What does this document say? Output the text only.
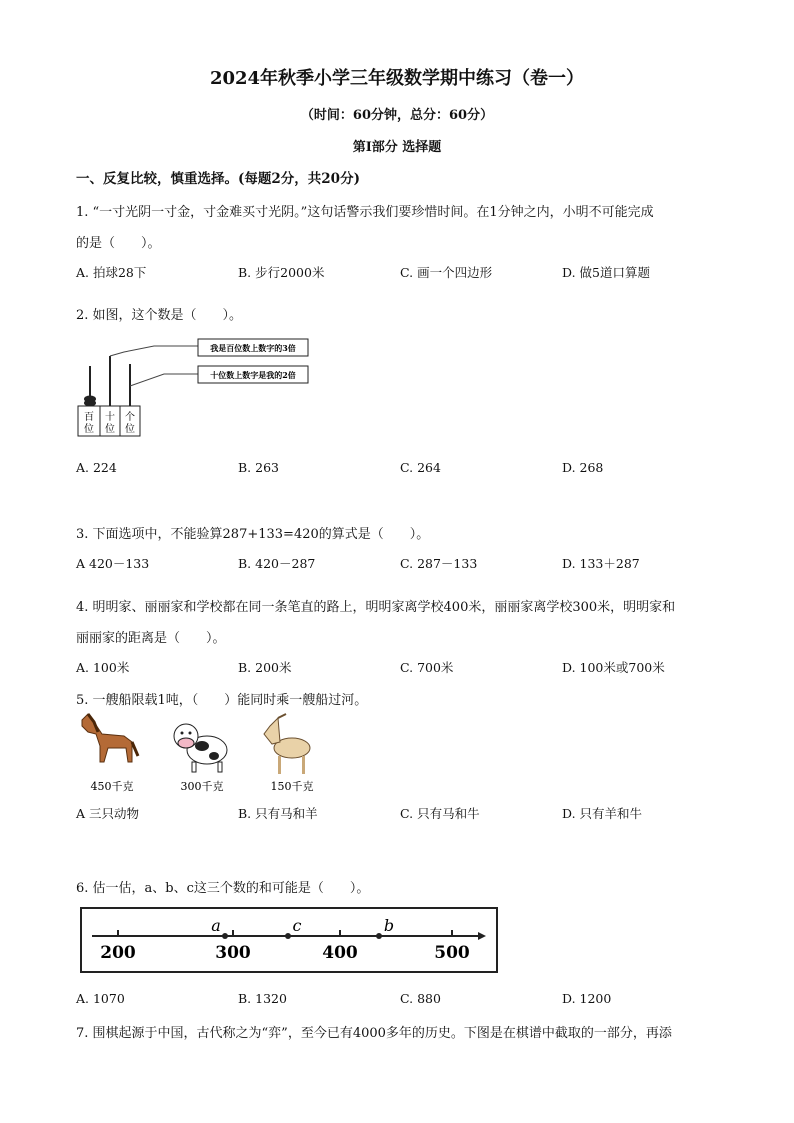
2024年秋季小学三年级数学期中练习（卷一）
（时间：60分钟，总分：60分）
第Ⅰ部分 选择题
一、反复比较，慎重选择。(每题2分，共20分)
1. “一寸光阴一寸金，寸金难买寸光阴。”这句话警示我们要珍惜时间。在1分钟之内，小明不可能完成
的是（　　）。
A. 拍球28下	B. 步行2000米	C. 画一个四边形	D. 做5道口算题
2. 如图，这个数是（　　）。
百
位
十
位
个
位
我是百位数上数字的3倍
十位数上数字是我的2倍
A. 224	B. 263	C. 264	D. 268
3. 下面选项中，不能验算287+133=420的算式是（　　）。
A 420－133	B. 420－287	C. 287－133	D. 133＋287
4. 明明家、丽丽家和学校都在同一条笔直的路上，明明家离学校400米，丽丽家离学校300米，明明家和
丽丽家的距离是（　　）。
A. 100米	B. 200米	C. 700米	D. 100米或700米
5. 一艘船限载1吨，（　　）能同时乘一艘船过河。
450千克	300千克	150千克
A 三只动物	B. 只有马和羊	C. 只有马和牛	D. 只有羊和牛
6. 估一估，a、b、c这三个数的和可能是（　　）。
200	300	400	500
a	c	b
A. 1070	B. 1320	C. 880	D. 1200
7. 围棋起源于中国，古代称之为“弈”，至今已有4000多年的历史。下图是在棋谱中截取的一部分，再添
